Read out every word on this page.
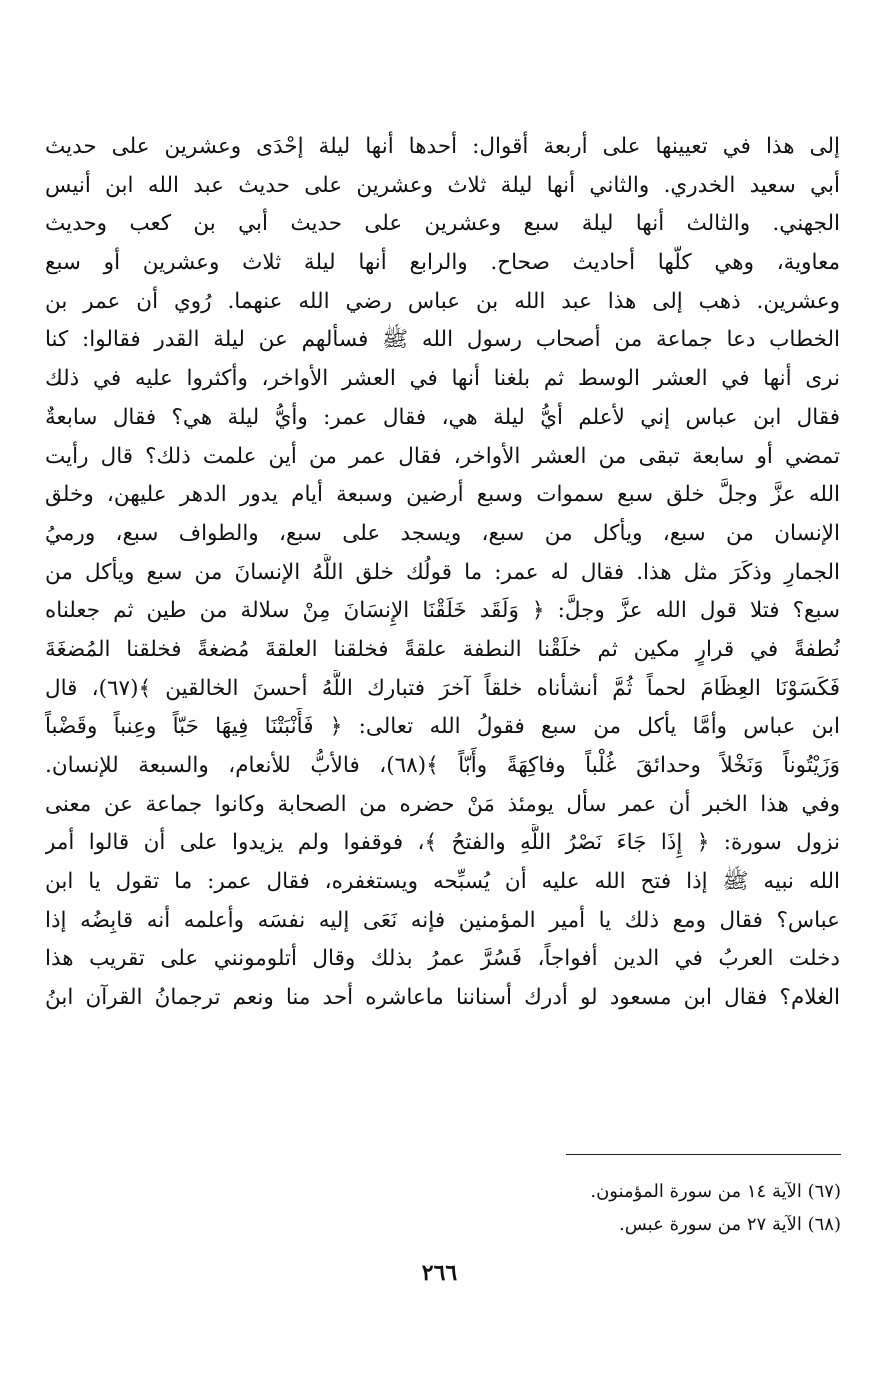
إلى هذا في تعيينها على أربعة أقوال: أحدها أنها ليلة إحْدَى وعشرين على حديث
أبي سعيد الخدري. والثاني أنها ليلة ثلاث وعشرين على حديث عبد الله ابن أنيس
الجهني. والثالث أنها ليلة سبع وعشرين على حديث أبي بن كعب وحديث
معاوية، وهي كلّها أحاديث صحاح. والرابع أنها ليلة ثلاث وعشرين أو سبع
وعشرين. ذهب إلى هذا عبد الله بن عباس رضي الله عنهما. رُوي أن عمر بن
الخطاب دعا جماعة من أصحاب رسول الله ﷺ فسألهم عن ليلة القدر فقالوا: كنا
نرى أنها في العشر الوسط ثم بلغنا أنها في العشر الأواخر، وأكثروا عليه في ذلك
فقال ابن عباس إني لأعلم أيُّ ليلة هي، فقال عمر: وأيُّ ليلة هي؟ فقال سابعةٌ
تمضي أو سابعة تبقى من العشر الأواخر، فقال عمر من أين علمت ذلك؟ قال رأيت
الله عزَّ وجلَّ خلق سبع سموات وسبع أرضين وسبعة أيام يدور الدهر عليهن، وخلق
الإنسان من سبع، ويأكل من سبع، ويسجد على سبع، والطواف سبع، ورميُ
الجمارِ وذكَرَ مثل هذا. فقال له عمر: ما قولُك خلق اللَّهُ الإنسانَ من سبع ويأكل من
سبع؟ فتلا قول الله عزَّ وجلَّ: ﴿ وَلَقَد خَلَقْنَا الإِنسَانَ مِنْ سلالة من طين ثم جعلناه
نُطفةً في قرارٍ مكين ثم خلَقْنا النطفة علقةً فخلقنا العلقةَ مُضغةً فخلقنا المُضغَةَ
فَكَسَوْنَا العِظَامَ لحماً ثُمَّ أنشأناه خلقاً آخرَ فتبارك اللَّهُ أحسنَ الخالقين ﴾(٦٧)، قال
ابن عباس وأمَّا يأكل من سبع فقولُ الله تعالى: ﴿ فَأَنْبَتْنَا فِيهَا حَبّاً وعِنباً وقَضْباً
وَزَيْتُوناً وَنَخْلاً وحدائقَ غُلْباً وفاكِهَةً وأَبّاً ﴾(٦٨)، فالأبُّ للأنعام، والسبعة للإنسان.
وفي هذا الخبر أن عمر سأل يومئذ مَنْ حضره من الصحابة وكانوا جماعة عن معنى
نزول سورة: ﴿ إِذَا جَاءَ نَصْرُ اللَّهِ والفتحُ ﴾، فوقفوا ولم يزيدوا على أن قالوا أمر
الله نبيه ﷺ إذا فتح الله عليه أن يُسبِّحه ويستغفره، فقال عمر: ما تقول يا ابن
عباس؟ فقال ومع ذلك يا أمير المؤمنين فإنه نَعَى إليه نفسَه وأعلمه أنه قابِضُه إذا
دخلت العربُ في الدين أفواجاً، فَسُرَّ عمرُ بذلك وقال أتلومونني على تقريب هذا
الغلام؟ فقال ابن مسعود لو أدرك أسناننا ماعاشره أحد منا ونعم ترجمانُ القرآن ابنُ
(٦٧) الآية ١٤ من سورة المؤمنون.
(٦٨) الآية ٢٧ من سورة عبس.
٢٦٦
